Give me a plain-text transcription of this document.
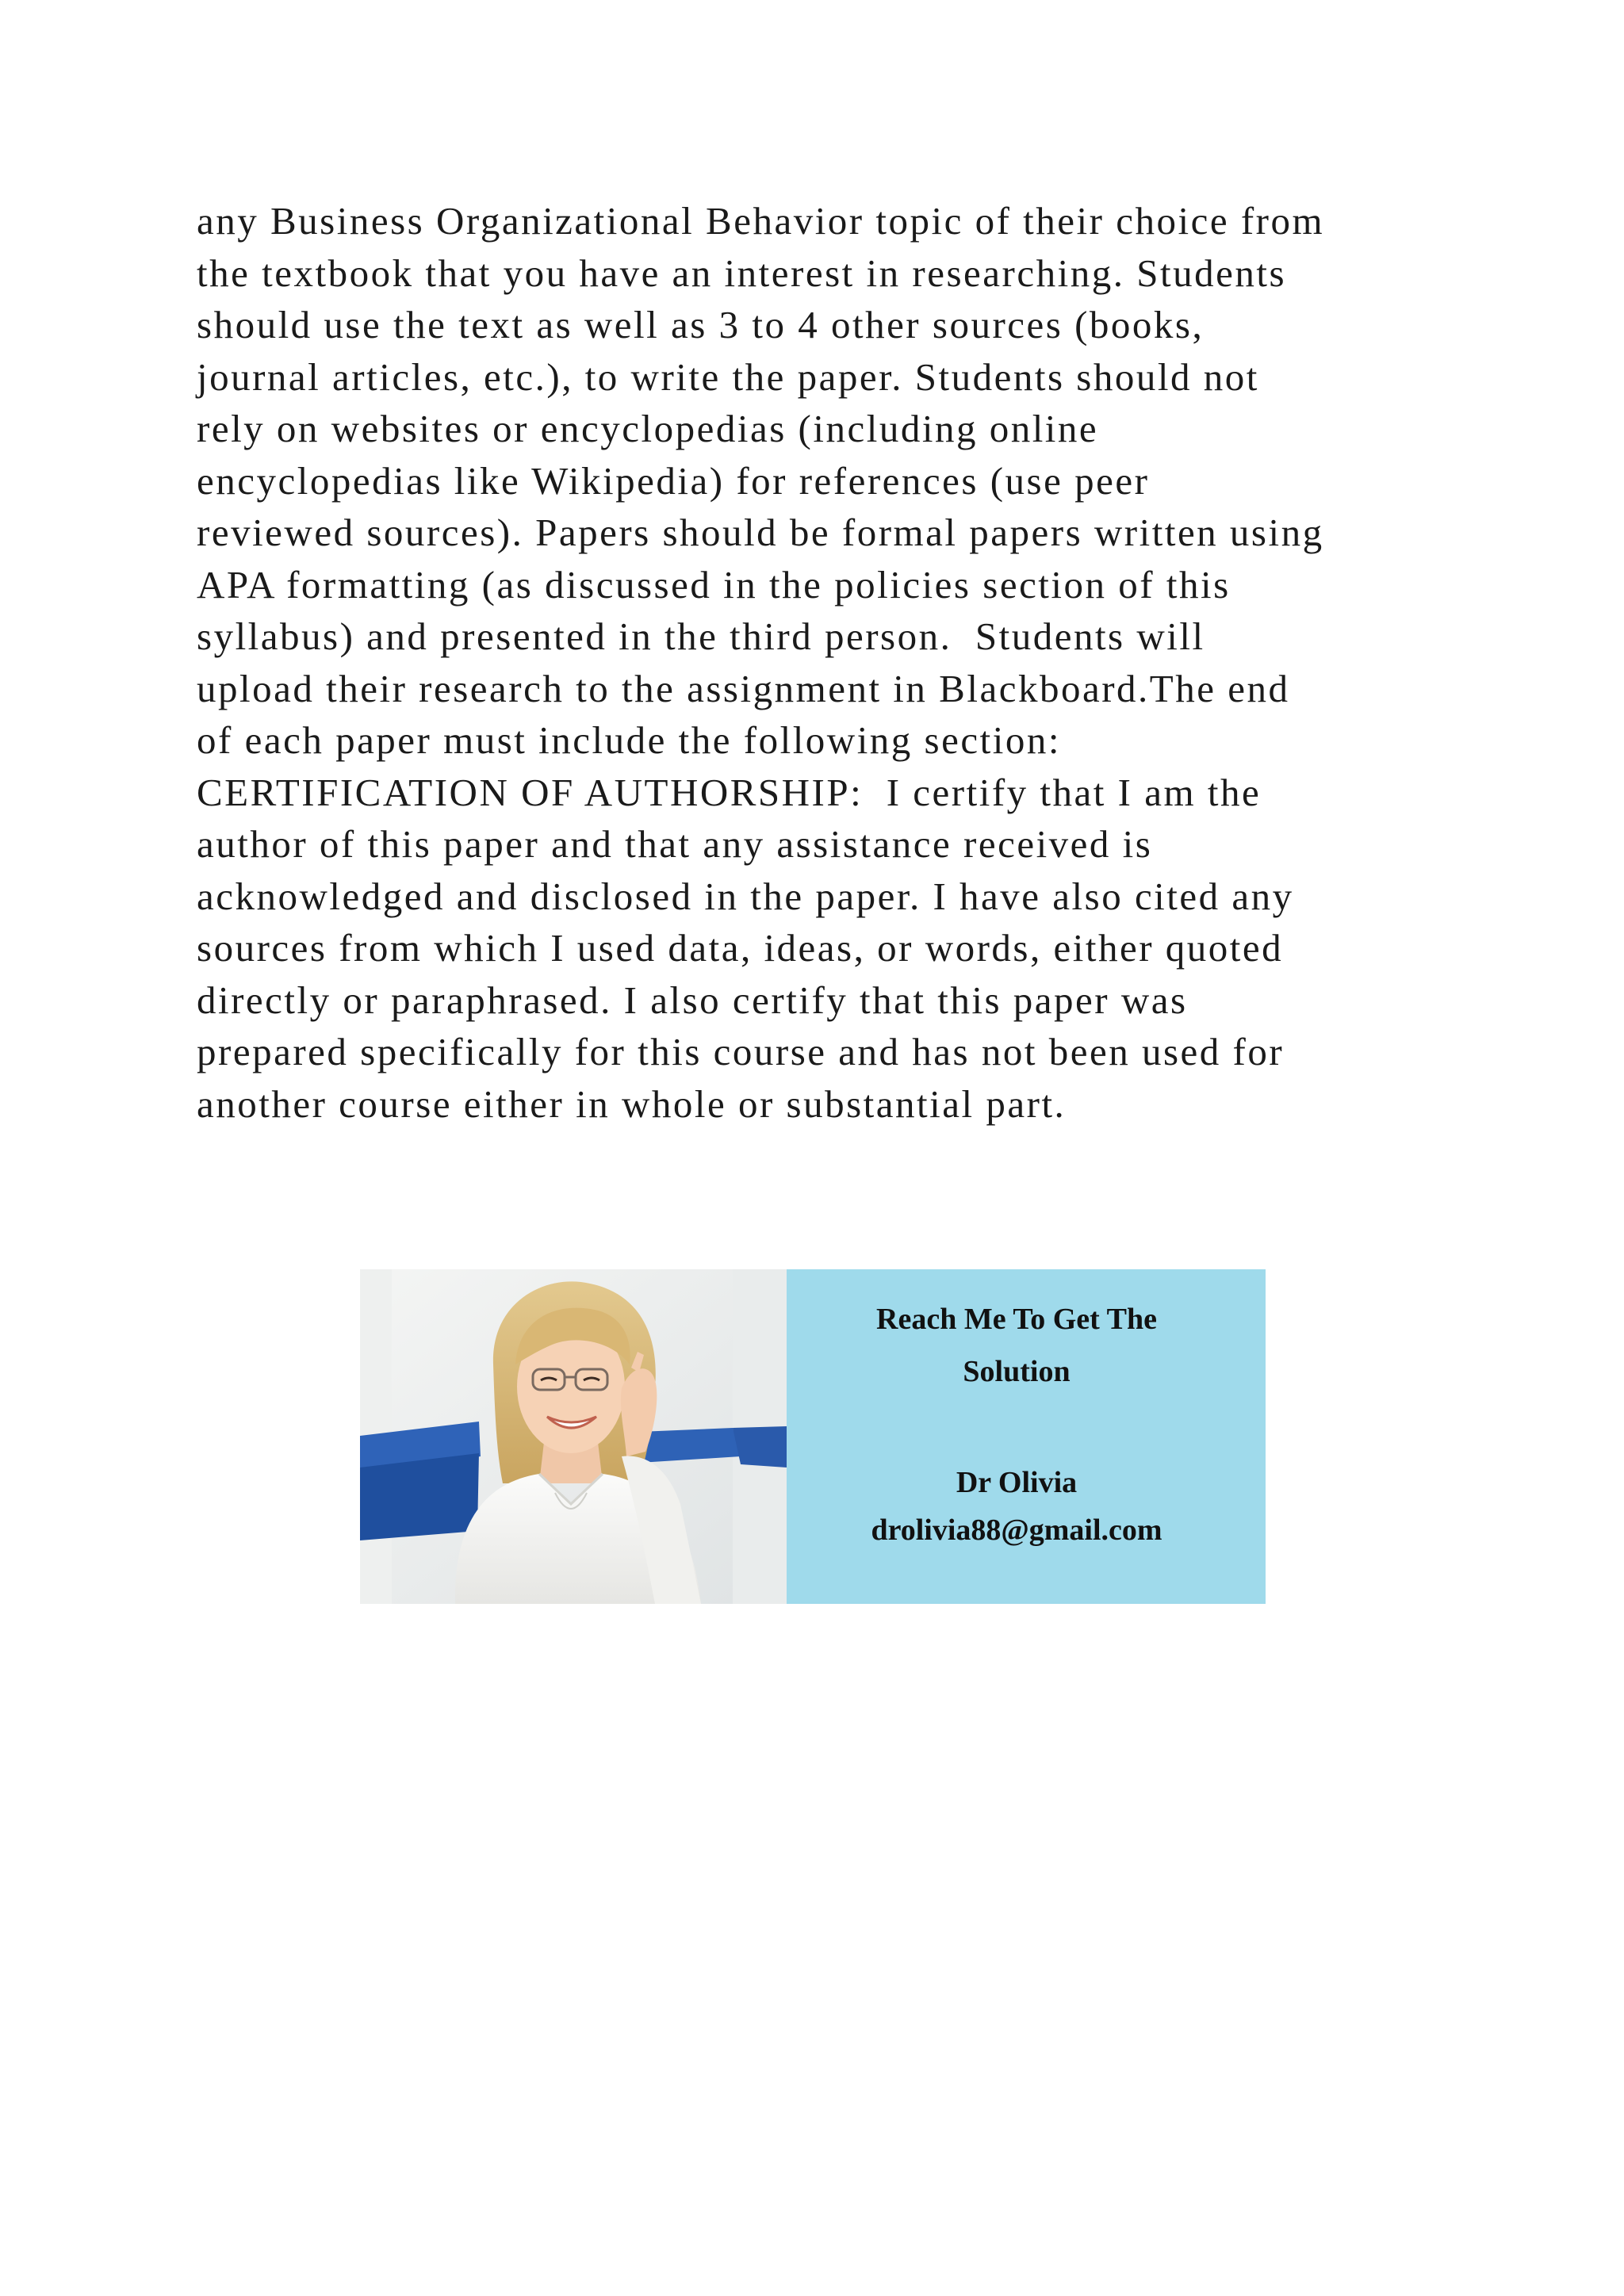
any Business Organizational Behavior topic of their choice from
the textbook that you have an interest in researching. Students
should use the text as well as 3 to 4 other sources (books,
journal articles, etc.), to write the paper. Students should not
rely on websites or encyclopedias (including online
encyclopedias like Wikipedia) for references (use peer
reviewed sources). Papers should be formal papers written using
APA formatting (as discussed in the policies section of this
syllabus) and presented in the third person.  Students will
upload their research to the assignment in Blackboard.The end
of each paper must include the following section:
CERTIFICATION OF AUTHORSHIP:  I certify that I am the
author of this paper and that any assistance received is
acknowledged and disclosed in the paper. I have also cited any
sources from which I used data, ideas, or words, either quoted
directly or paraphrased. I also certify that this paper was
prepared specifically for this course and has not been used for
another course either in whole or substantial part.
Reach Me To Get The
Solution
Dr Olivia
drolivia88@gmail.com
